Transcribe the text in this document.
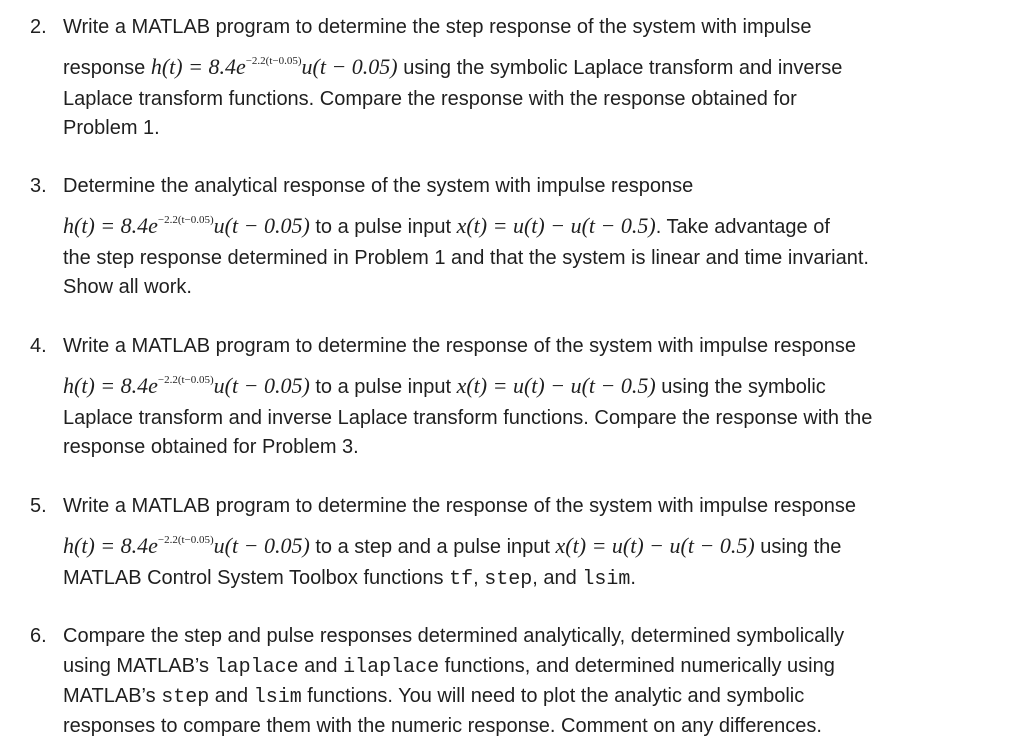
2. Write a MATLAB program to determine the step response of the system with impulse
response $h(t) = 8.4e^{-2.2(t-0.05)}u(t - 0.05)$ using the symbolic Laplace transform and inverse
Laplace transform functions. Compare the response with the response obtained for
Problem 1.
3. Determine the analytical response of the system with impulse response
$h(t) = 8.4e^{-2.2(t-0.05)}u(t - 0.05)$ to a pulse input x(t) = u(t) − u(t − 0.5). Take advantage of
the step response determined in Problem 1 and that the system is linear and time invariant.
Show all work.
4. Write a MATLAB program to determine the response of the system with impulse response
$h(t) = 8.4e^{-2.2(t-0.05)}u(t - 0.05)$ to a pulse input x(t) = u(t) − u(t − 0.5) using the symbolic
Laplace transform and inverse Laplace transform functions. Compare the response with the
response obtained for Problem 3.
5. Write a MATLAB program to determine the response of the system with impulse response
$h(t) = 8.4e^{-2.2(t-0.05)}u(t - 0.05)$ to a step and a pulse input x(t) = u(t) − u(t − 0.5) using the
MATLAB Control System Toolbox functions tf, step, and lsim.
6. Compare the step and pulse responses determined analytically, determined symbolically
using MATLAB’s laplace and ilaplace functions, and determined numerically using
MATLAB’s step and lsim functions. You will need to plot the analytic and symbolic
responses to compare them with the numeric response. Comment on any differences.
